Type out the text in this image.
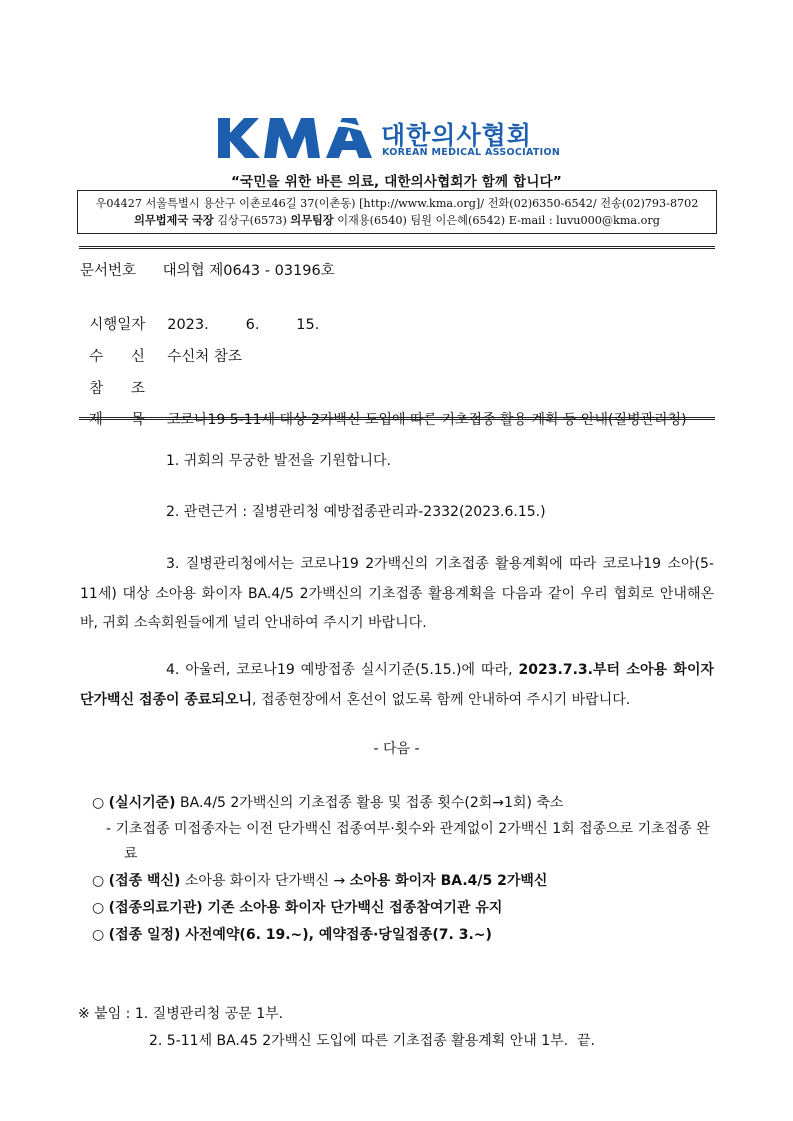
대한의사협회
KOREAN MEDICAL ASSOCIATION
“국민을 위한 바른 의료, 대한의사협회가 함께 합니다”
우04427 서울특별시 용산구 이촌로46길 37(이촌동) [http://www.kma.org]/ 전화(02)6350-6542/ 전송(02)793-8702
의무법제국 국장 김상구(6573) 의무팀장 이재용(6540) 팀원 이은혜(6542) E-mail : luvu000@kma.org
문서번호 대의협 제0643 - 03196호

시행일자 2023.        6.        15.

수      신 수신처 참조

참      조

제      목 코로나19 5-11세 대상 2가백신 도입에 따른 기초접종 활용 계획 등 안내(질병관리청)

1. 귀회의 무궁한 발전을 기원합니다.
2. 관련근거 : 질병관리청 예방접종관리과-2332(2023.6.15.)
3. 질병관리청에서는 코로나19 2가백신의 기초접종 활용계획에 따라 코로나19 소아(5-11세) 대상 소아용 화이자 BA.4/5 2가백신의 기초접종 활용계획을 다음과 같이 우리 협회로 안내해온 바, 귀회 소속회원들에게 널리 안내하여 주시기 바랍니다.
4. 아울러, 코로나19 예방접종 실시기준(5.15.)에 따라, 2023.7.3.부터 소아용 화이자 단가백신 접종이 종료되오니, 접종현장에서 혼선이 없도록 함께 안내하여 주시기 바랍니다.
- 다음 -
○ (실시기준) BA.4/5 2가백신의 기초접종 활용 및 접종 횟수(2회→1회) 축소
- 기초접종 미접종자는 이전 단가백신 접종여부·횟수와 관계없이 2가백신 1회 접종으로 기초접종 완료
○ (접종 백신) 소아용 화이자 단가백신 → 소아용 화이자 BA.4/5 2가백신
○ (접종의료기관) 기존 소아용 화이자 단가백신 접종참여기관 유지
○ (접종 일정) 사전예약(6. 19.~), 예약접종·당일접종(7. 3.~)
※ 붙임 : 1. 질병관리청 공문 1부.
2. 5-11세 BA.45 2가백신 도입에 따른 기초접종 활용계획 안내 1부.  끝.
